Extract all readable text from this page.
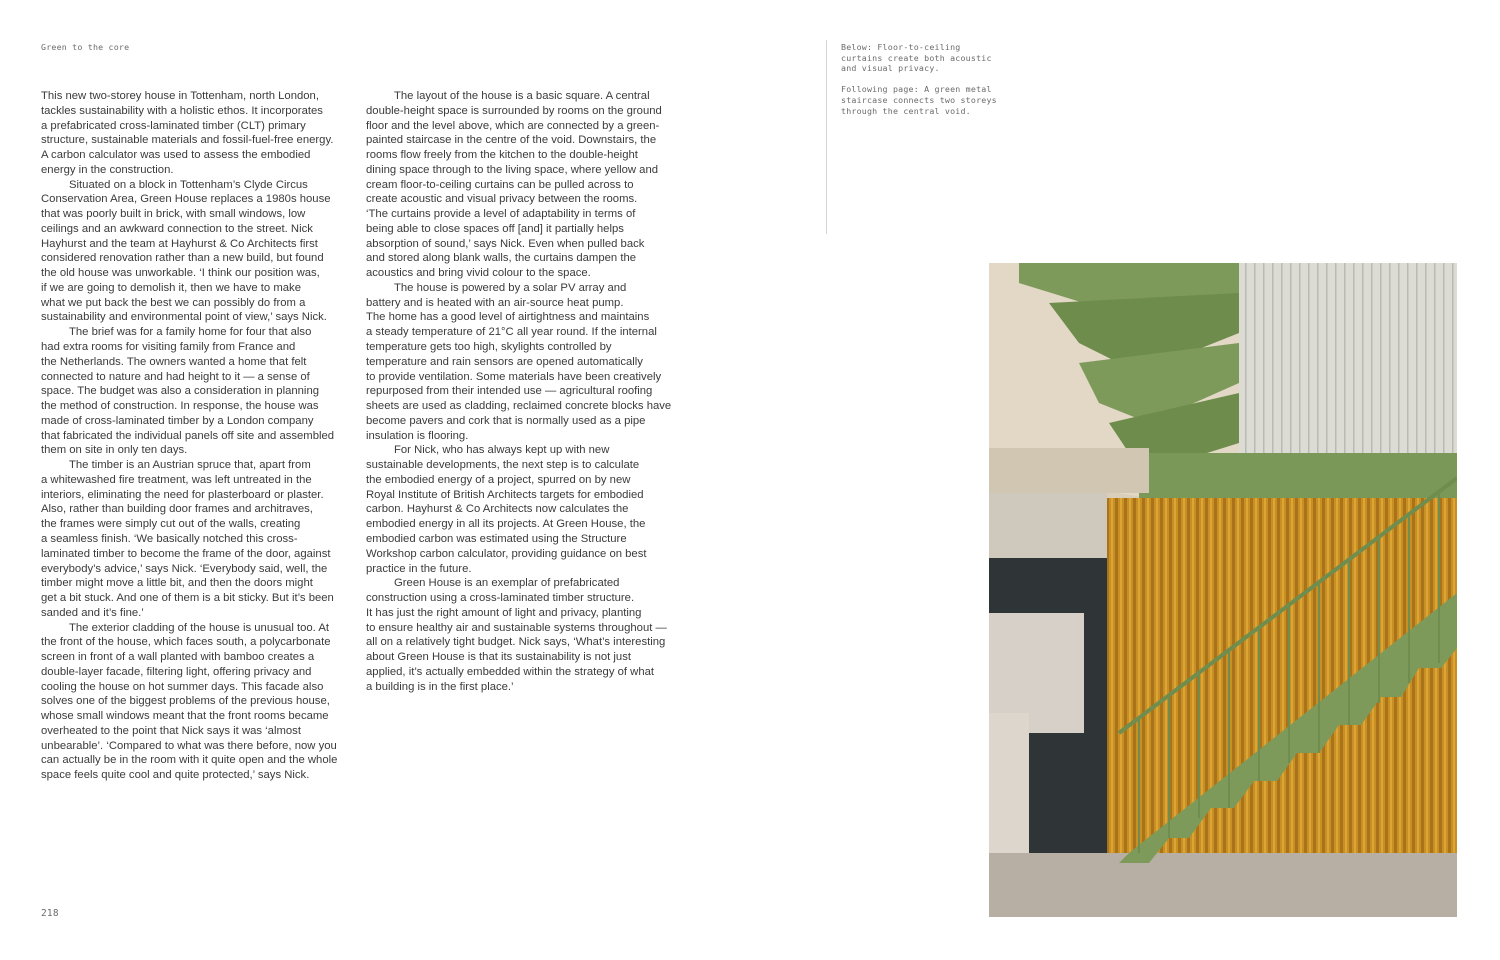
Green to the core
This new two-storey house in Tottenham, north London,
tackles sustainability with a holistic ethos. It incorporates
a prefabricated cross-laminated timber (CLT) primary
structure, sustainable materials and fossil-fuel-free energy.
A carbon calculator was used to assess the embodied
energy in the construction.
Situated on a block in Tottenham’s Clyde Circus
Conservation Area, Green House replaces a 1980s house
that was poorly built in brick, with small windows, low
ceilings and an awkward connection to the street. Nick
Hayhurst and the team at Hayhurst & Co Architects first
considered renovation rather than a new build, but found
the old house was unworkable. ‘I think our position was,
if we are going to demolish it, then we have to make
what we put back the best we can possibly do from a
sustainability and environmental point of view,’ says Nick.
The brief was for a family home for four that also
had extra rooms for visiting family from France and
the Netherlands. The owners wanted a home that felt
connected to nature and had height to it — a sense of
space. The budget was also a consideration in planning
the method of construction. In response, the house was
made of cross-laminated timber by a London company
that fabricated the individual panels off site and assembled
them on site in only ten days.
The timber is an Austrian spruce that, apart from
a whitewashed fire treatment, was left untreated in the
interiors, eliminating the need for plasterboard or plaster.
Also, rather than building door frames and architraves,
the frames were simply cut out of the walls, creating
a seamless finish. ‘We basically notched this cross-
laminated timber to become the frame of the door, against
everybody’s advice,’ says Nick. ‘Everybody said, well, the
timber might move a little bit, and then the doors might
get a bit stuck. And one of them is a bit sticky. But it’s been
sanded and it’s fine.’
The exterior cladding of the house is unusual too. At
the front of the house, which faces south, a polycarbonate
screen in front of a wall planted with bamboo creates a
double-layer facade, filtering light, offering privacy and
cooling the house on hot summer days. This facade also
solves one of the biggest problems of the previous house,
whose small windows meant that the front rooms became
overheated to the point that Nick says it was ‘almost
unbearable’. ‘Compared to what was there before, now you
can actually be in the room with it quite open and the whole
space feels quite cool and quite protected,’ says Nick.
The layout of the house is a basic square. A central
double-height space is surrounded by rooms on the ground
floor and the level above, which are connected by a green-
painted staircase in the centre of the void. Downstairs, the
rooms flow freely from the kitchen to the double-height
dining space through to the living space, where yellow and
cream floor-to-ceiling curtains can be pulled across to
create acoustic and visual privacy between the rooms.
‘The curtains provide a level of adaptability in terms of
being able to close spaces off [and] it partially helps
absorption of sound,’ says Nick. Even when pulled back
and stored along blank walls, the curtains dampen the
acoustics and bring vivid colour to the space.
The house is powered by a solar PV array and
battery and is heated with an air-source heat pump.
The home has a good level of airtightness and maintains
a steady temperature of 21°C all year round. If the internal
temperature gets too high, skylights controlled by
temperature and rain sensors are opened automatically
to provide ventilation. Some materials have been creatively
repurposed from their intended use — agricultural roofing
sheets are used as cladding, reclaimed concrete blocks have
become pavers and cork that is normally used as a pipe
insulation is flooring.
For Nick, who has always kept up with new
sustainable developments, the next step is to calculate
the embodied energy of a project, spurred on by new
Royal Institute of British Architects targets for embodied
carbon. Hayhurst & Co Architects now calculates the
embodied energy in all its projects. At Green House, the
embodied carbon was estimated using the Structure
Workshop carbon calculator, providing guidance on best
practice in the future.
Green House is an exemplar of prefabricated
construction using a cross-laminated timber structure.
It has just the right amount of light and privacy, planting
to ensure healthy air and sustainable systems throughout —
all on a relatively tight budget. Nick says, ‘What’s interesting
about Green House is that its sustainability is not just
applied, it’s actually embedded within the strategy of what
a building is in the first place.’
Below: Floor-to-ceiling
curtains create both acoustic
and visual privacy.
Following page: A green metal
staircase connects two storeys
through the central void.
218
